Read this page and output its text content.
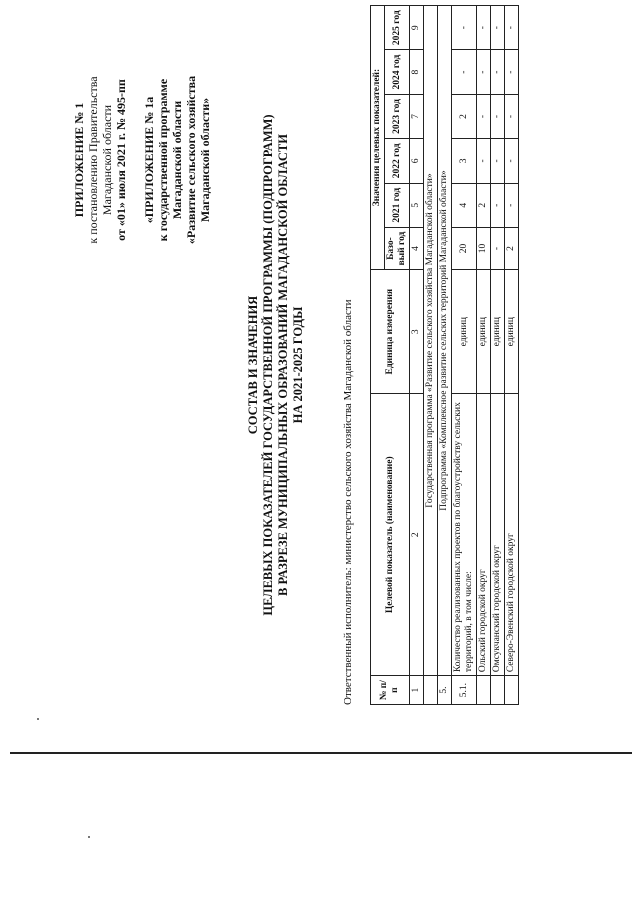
ПРИЛОЖЕНИЕ № 1 к постановлению Правительства Магаданской области от «01» июля 2021 г. № 495-пп «ПРИЛОЖЕНИЕ № 1а к государственной программе Магаданской области «Развитие сельского хозяйства Магаданской области»
СОСТАВ И ЗНАЧЕНИЯ ЦЕЛЕВЫХ ПОКАЗАТЕЛЕЙ ГОСУДАРСТВЕННОЙ ПРОГРАММЫ (ПОДПРОГРАММ) В РАЗРЕЗЕ МУНИЦИПАЛЬНЫХ ОБРАЗОВАНИЙ МАГАДАНСКОЙ ОБЛАСТИ НА 2021-2025 ГОДЫ	Ответственный исполнитель: министерство сельского хозяйства Магаданской области	№ п/п	Целевой показатель (наименование)	Единица измерения	Значения целевых показателей:					
			Базо-вый год	2021 год	2022 год	2023 год	2024 год	2025 год
1	2	3	4	5	6	7	8	9
	Государственная программа «Развитие сельского хозяйства Магаданской области»							
5.	Подпрограмма «Комплексное развитие сельских территорий Магаданской области»							
5.1.	Количество реализованных проектов по благоустройству сельских территорий, в том числе:	единиц	20	4	3	2	-	-
	Ольский городской округ	единиц	10	2	-	-	-	-
	Омсукчанский городской округ	единиц	-	-	-	-	-	-
	Северо-Эвенский городской округ	единиц	2	-	-	-	-	-
